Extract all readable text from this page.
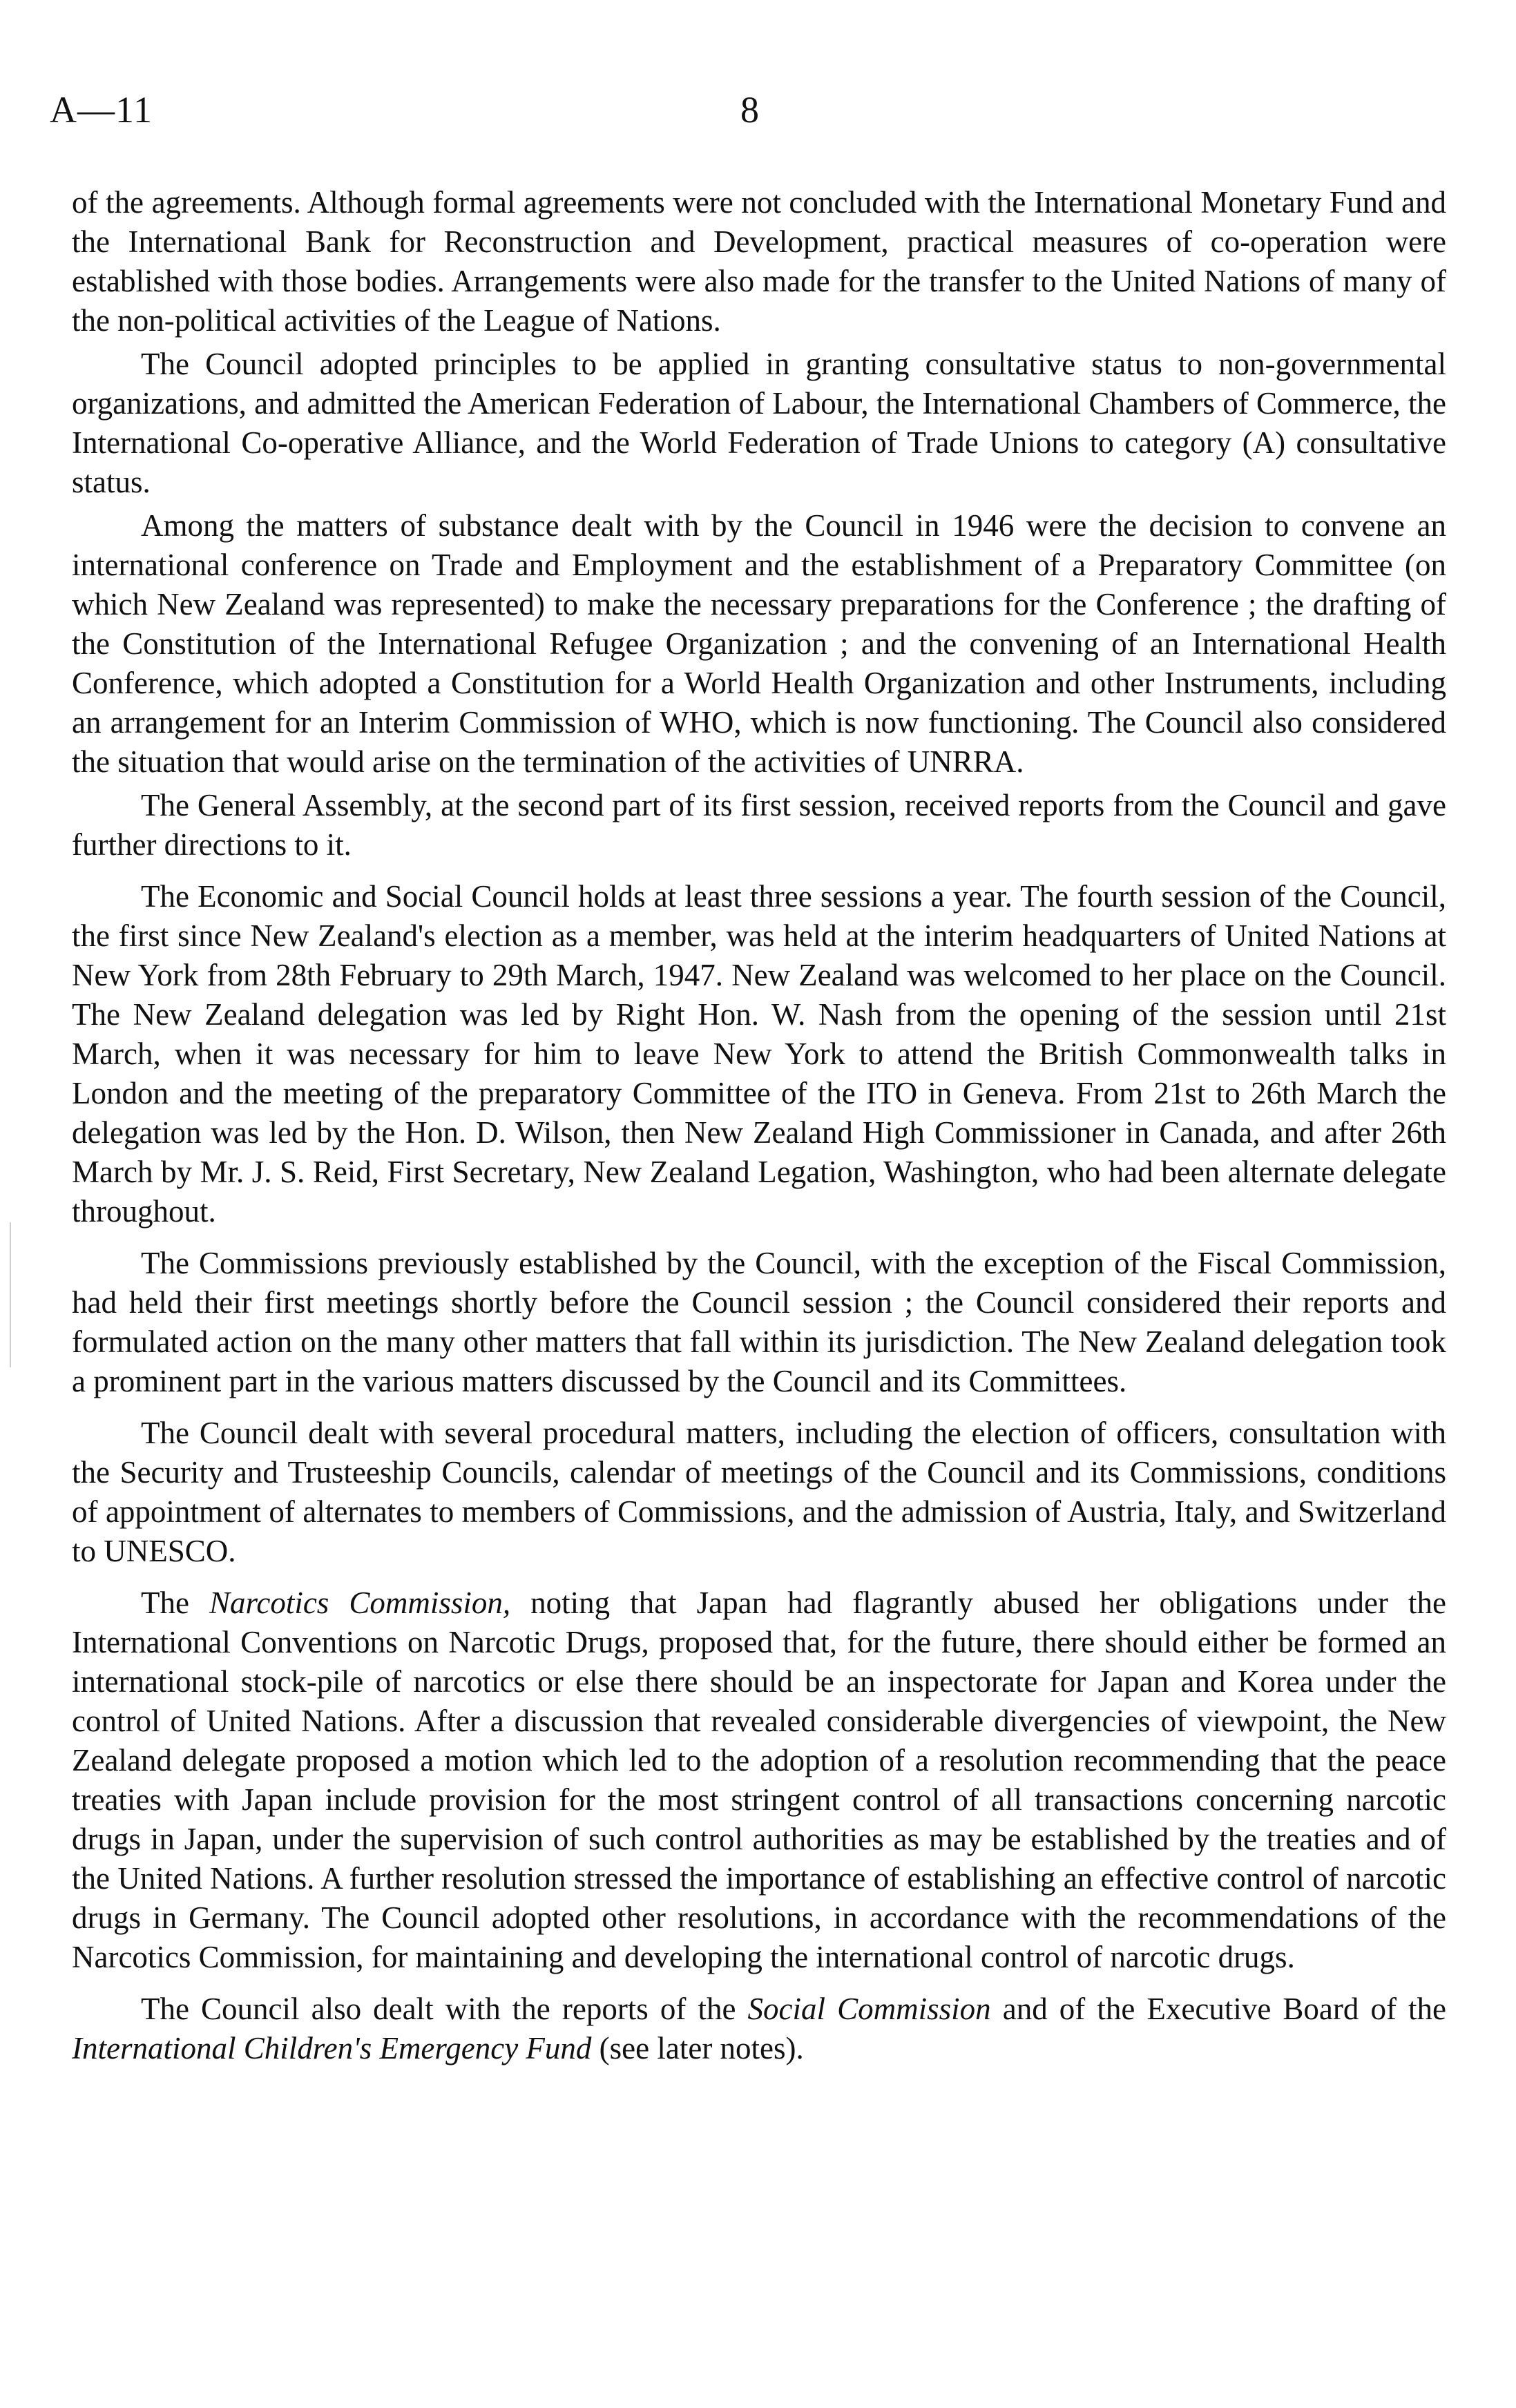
A—11	8

of the agreements. Although formal agreements were not concluded with the International Monetary Fund and the International Bank for Reconstruction and Development, practical measures of co-operation were established with those bodies. Arrangements were also made for the transfer to the United Nations of many of the non-political activities of the League of Nations.

The Council adopted principles to be applied in granting consultative status to non-governmental organizations, and admitted the American Federation of Labour, the International Chambers of Commerce, the International Co-operative Alliance, and the World Federation of Trade Unions to category (A) consultative status.

Among the matters of substance dealt with by the Council in 1946 were the decision to convene an international conference on Trade and Employment and the establishment of a Preparatory Committee (on which New Zealand was represented) to make the necessary preparations for the Conference ; the drafting of the Constitution of the International Refugee Organization ; and the convening of an International Health Conference, which adopted a Constitution for a World Health Organization and other Instruments, including an arrangement for an Interim Commission of WHO, which is now functioning. The Council also considered the situation that would arise on the termination of the activities of UNRRA.

The General Assembly, at the second part of its first session, received reports from the Council and gave further directions to it.

The Economic and Social Council holds at least three sessions a year. The fourth session of the Council, the first since New Zealand's election as a member, was held at the interim headquarters of United Nations at New York from 28th February to 29th March, 1947. New Zealand was welcomed to her place on the Council. The New Zealand delegation was led by Right Hon. W. Nash from the opening of the session until 21st March, when it was necessary for him to leave New York to attend the British Commonwealth talks in London and the meeting of the preparatory Committee of the ITO in Geneva. From 21st to 26th March the delegation was led by the Hon. D. Wilson, then New Zealand High Commissioner in Canada, and after 26th March by Mr. J. S. Reid, First Secretary, New Zealand Legation, Washington, who had been alternate delegate throughout.

The Commissions previously established by the Council, with the exception of the Fiscal Commission, had held their first meetings shortly before the Council session ; the Council considered their reports and formulated action on the many other matters that fall within its jurisdiction. The New Zealand delegation took a prominent part in the various matters discussed by the Council and its Committees.

The Council dealt with several procedural matters, including the election of officers, consultation with the Security and Trusteeship Councils, calendar of meetings of the Council and its Commissions, conditions of appointment of alternates to members of Commissions, and the admission of Austria, Italy, and Switzerland to UNESCO.

The Narcotics Commission, noting that Japan had flagrantly abused her obligations under the International Conventions on Narcotic Drugs, proposed that, for the future, there should either be formed an international stock-pile of narcotics or else there should be an inspectorate for Japan and Korea under the control of United Nations. After a discussion that revealed considerable divergencies of viewpoint, the New Zealand delegate proposed a motion which led to the adoption of a resolution recommending that the peace treaties with Japan include provision for the most stringent control of all transactions concerning narcotic drugs in Japan, under the supervision of such control authorities as may be established by the treaties and of the United Nations. A further resolution stressed the importance of establishing an effective control of narcotic drugs in Germany. The Council adopted other resolutions, in accordance with the recommendations of the Narcotics Commission, for maintaining and developing the international control of narcotic drugs.

The Council also dealt with the reports of the Social Commission and of the Executive Board of the International Children's Emergency Fund (see later notes).
